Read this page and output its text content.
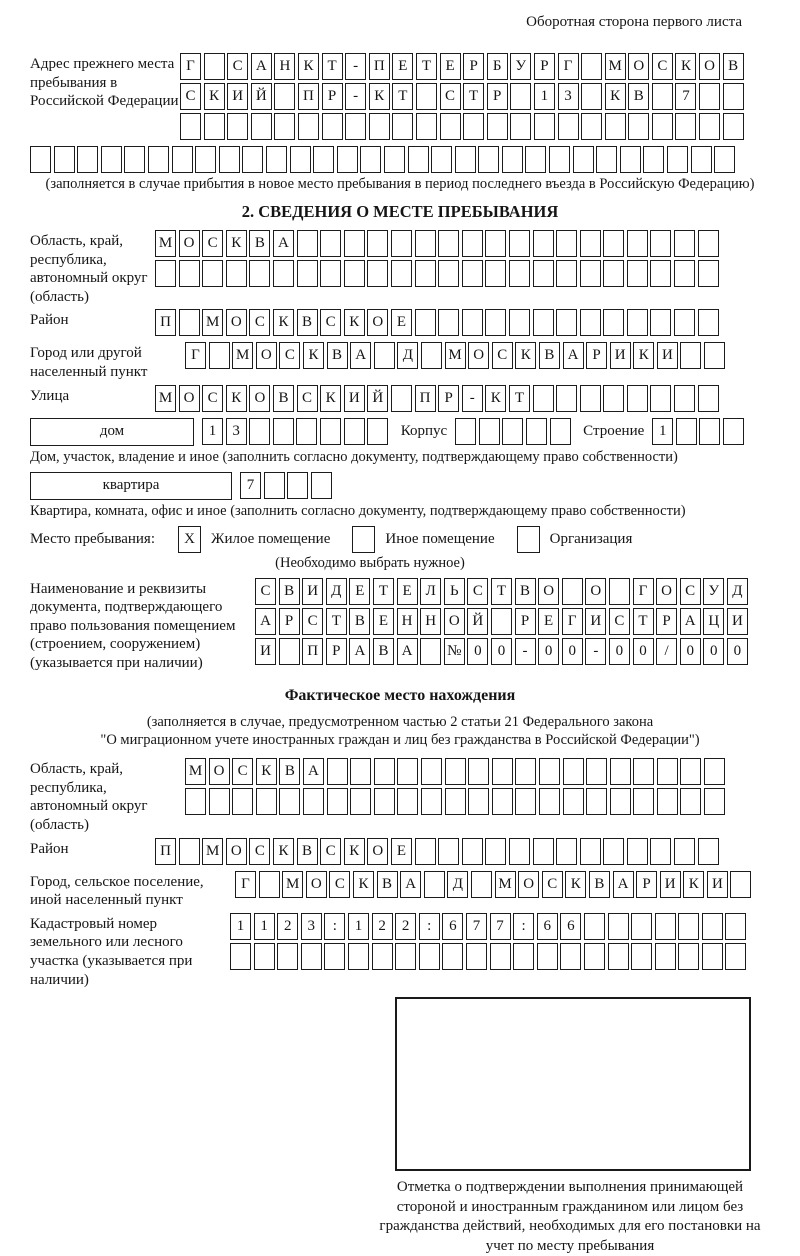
Оборотная сторона первого листа
Адрес прежнего места пребывания в Российской Федерации
Г	С А Н К Т	-	П Е Т Е Р	Б У Р	Г	М О С К О В
С К И Й	П Р	-	К Т	С Т Р	1	3	К В	7
(заполняется в случае прибытия в новое место пребывания в период последнего въезда в Российскую Федерацию)
2. СВЕДЕНИЯ О МЕСТЕ ПРЕБЫВАНИЯ
Область, край, республика, автономный округ (область)
М О С К В А
Район	П	М О С К В С К О Е
Город или другой населенный пункт
Г	М О С К В А	Д	М О С К В А Р И К И
Улица	М О С К О В С К И Й	П Р	-	К Т
дом	1	3	Корпус	Строение 1
Дом, участок, владение и иное (заполнить согласно документу, подтверждающему право собственности)
квартира	7
Квартира, комната, офис и иное (заполнить согласно документу, подтверждающему право собственности)
Место пребывания:	X	Жилое помещение	Иное помещение	Организация
(Необходимо выбрать нужное)
Наименование и реквизиты документа, подтверждающего право пользования помещением (строением, сооружением) (указывается при наличии)
С В И Д Е Т Е Л Ь С Т В О	О	Г О С У Д
А Р С Т В Е Н Н О Й	Р Е Г И С Т Р А Ц И
И	П Р А В А	№ 0	0	-	0	0	-	0	0	/	0	0	0
Фактическое место нахождения
(заполняется в случае, предусмотренном частью 2 статьи 21 Федерального закона
"О миграционном учете иностранных граждан и лиц без гражданства в Российской Федерации")
Область, край, республика, автономный округ (область)
М О С К В А
Район	П	М О С К В С К О Е
Город, сельское поселение, иной населенный пункт
Г	М О С К В А	Д	М О С К В А Р И К И
Кадастровый номер земельного или лесного участка (указывается при наличии)
1	1	2	3	:	1	2	2	:	6	7	7	:	6	6
Отметка о подтверждении выполнения принимающей стороной и иностранным гражданином или лицом без гражданства действий, необходимых для его постановки на учет по месту пребывания
